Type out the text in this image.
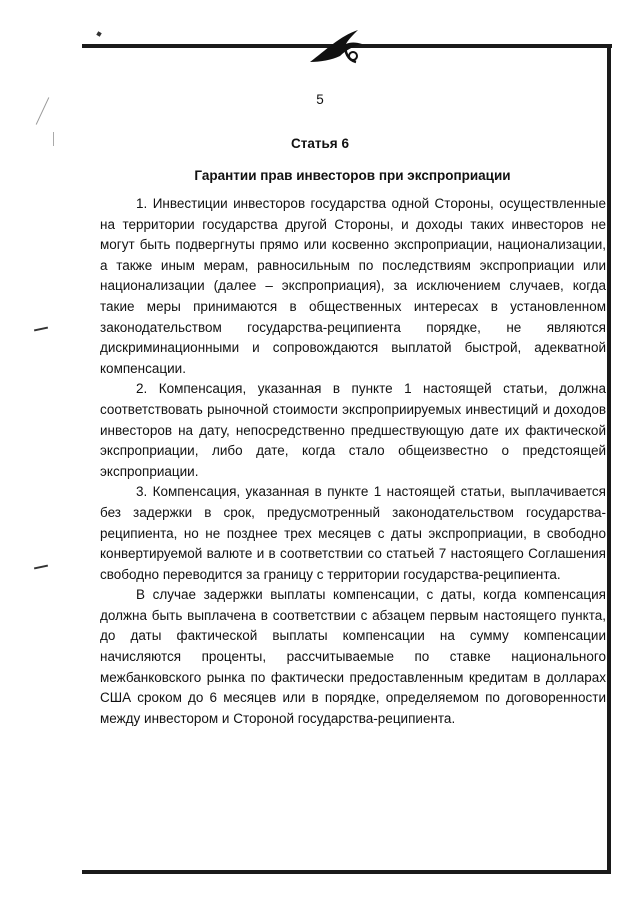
5
Статья 6
Гарантии прав инвесторов при экспроприации

1. Инвестиции инвесторов государства одной Стороны, осуществленные на территории государства другой Стороны, и доходы таких инвесторов не могут быть подвергнуты прямо или косвенно экспроприации, национализации, а также иным мерам, равносильным по последствиям экспроприации или национализации (далее – экспроприация), за исключением случаев, когда такие меры принимаются в общественных интересах в установленном законодательством государства-реципиента порядке, не являются дискриминационными и сопровождаются выплатой быстрой, адекватной компенсации.

2. Компенсация, указанная в пункте 1 настоящей статьи, должна соответствовать рыночной стоимости экспроприируемых инвестиций и доходов инвесторов на дату, непосредственно предшествующую дате их фактической экспроприации, либо дате, когда стало общеизвестно о предстоящей экспроприации.

3. Компенсация, указанная в пункте 1 настоящей статьи, выплачивается без задержки в срок, предусмотренный законодательством государства-реципиента, но не позднее трех месяцев с даты экспроприации, в свободно конвертируемой валюте и в соответствии со статьей 7 настоящего Соглашения свободно переводится за границу с территории государства-реципиента.

В случае задержки выплаты компенсации, с даты, когда компенсация должна быть выплачена в соответствии с абзацем первым настоящего пункта, до даты фактической выплаты компенсации на сумму компенсации начисляются проценты, рассчитываемые по ставке национального межбанковского рынка по фактически предоставленным кредитам в долларах США сроком до 6 месяцев или в порядке, определяемом по договоренности между инвестором и Стороной государства-реципиента.
